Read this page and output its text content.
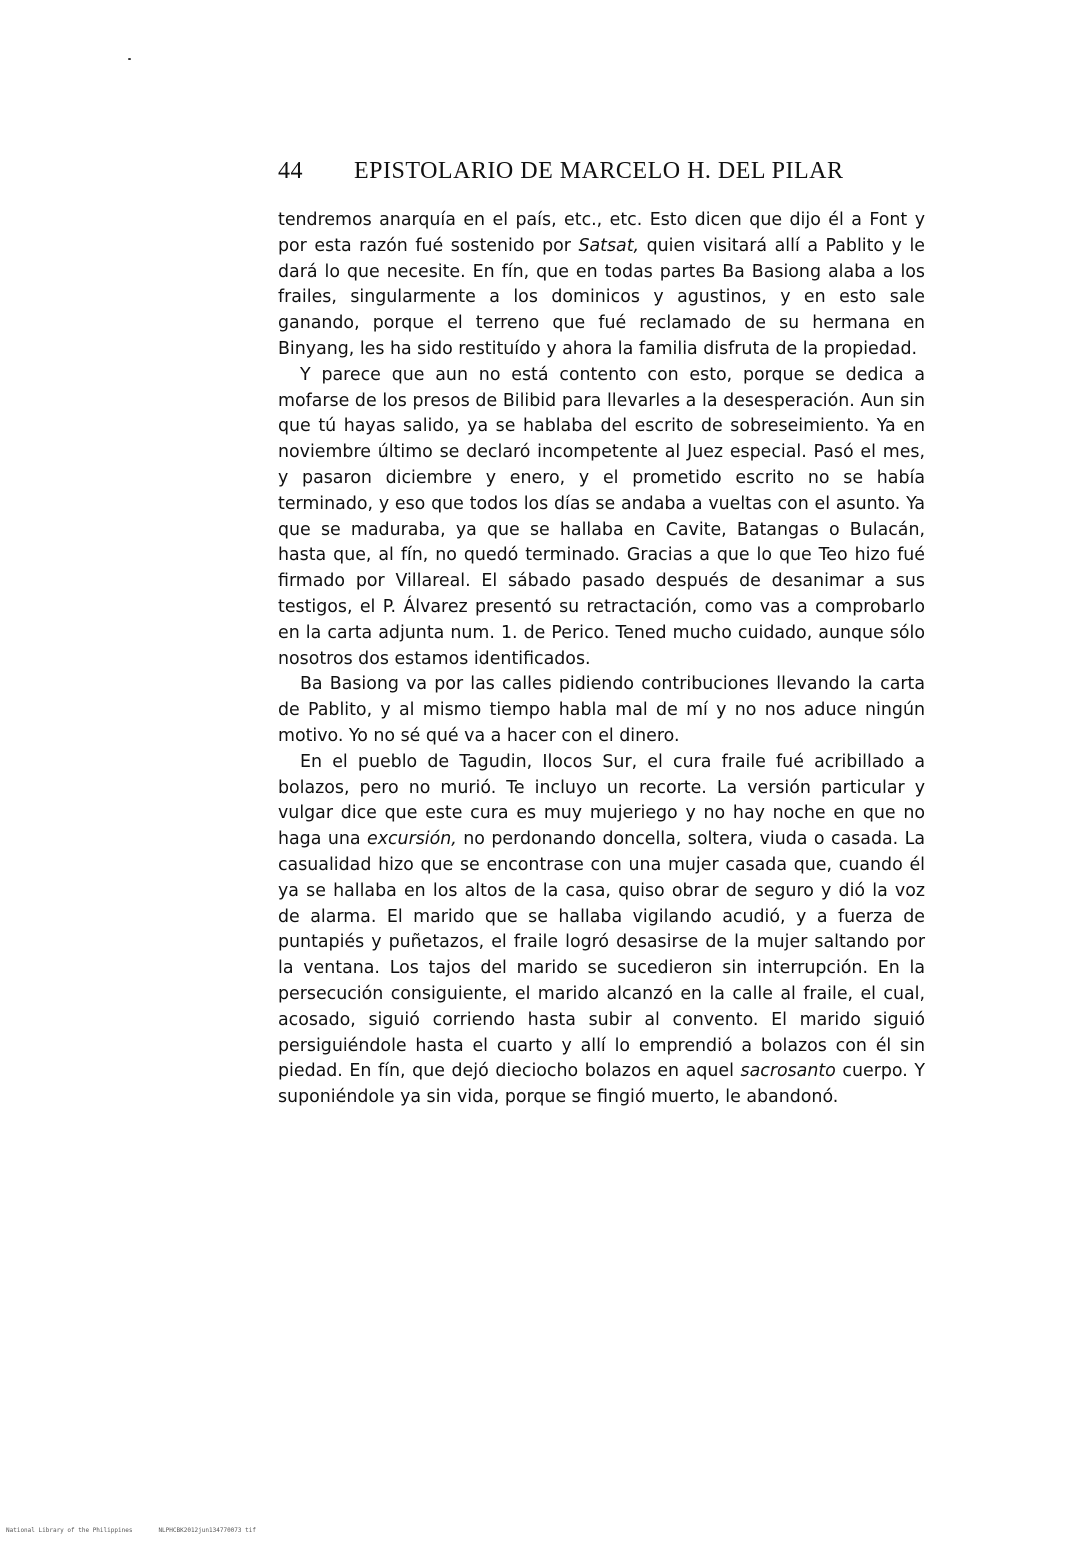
44 EPISTOLARIO DE MARCELO H. DEL PILAR

tendremos anarquía en el país, etc., etc. Esto dicen que dijo él a Font y por esta razón fué sostenido por Satsat, quien visitará allí a Pablito y le dará lo que necesite. En fín, que en todas partes Ba Basiong alaba a los frailes, singularmente a los dominicos y agustinos, y en esto sale ganando, porque el terreno que fué reclamado de su hermana en Binyang, les ha sido restituído y ahora la familia disfruta de la propiedad.

Y parece que aun no está contento con esto, porque se dedica a mofarse de los presos de Bilibid para llevarles a la desesperación. Aun sin que tú hayas salido, ya se hablaba del escrito de sobreseimiento. Ya en noviembre último se declaró incompetente al Juez especial. Pasó el mes, y pasaron diciembre y enero, y el prometido escrito no se había terminado, y eso que todos los días se andaba a vueltas con el asunto. Ya que se maduraba, ya que se hallaba en Cavite, Batangas o Bulacán, hasta que, al fín, no quedó terminado. Gracias a que lo que Teo hizo fué firmado por Villareal. El sábado pasado después de desanimar a sus testigos, el P. Álvarez presentó su retractación, como vas a comprobarlo en la carta adjunta num. 1. de Perico. Tened mucho cuidado, aunque sólo nosotros dos estamos identificados.

Ba Basiong va por las calles pidiendo contribuciones llevando la carta de Pablito, y al mismo tiempo habla mal de mí y no nos aduce ningún motivo. Yo no sé qué va a hacer con el dinero.

En el pueblo de Tagudin, Ilocos Sur, el cura fraile fué acribillado a bolazos, pero no murió. Te incluyo un recorte. La versión particular y vulgar dice que este cura es muy mujeriego y no hay noche en que no haga una excursión, no perdonando doncella, soltera, viuda o casada. La casualidad hizo que se encontrase con una mujer casada que, cuando él ya se hallaba en los altos de la casa, quiso obrar de seguro y dió la voz de alarma. El marido que se hallaba vigilando acudió, y a fuerza de puntapiés y puñetazos, el fraile logró desasirse de la mujer saltando por la ventana. Los tajos del marido se sucedieron sin interrupción. En la persecución consiguiente, el marido alcanzó en la calle al fraile, el cual, acosado, siguió corriendo hasta subir al convento. El marido siguió persiguiéndole hasta el cuarto y allí lo emprendió a bolazos con él sin piedad. En fín, que dejó dieciocho bolazos en aquel sacrosanto cuerpo. Y suponiéndole ya sin vida, porque se fingió muerto, le abandonó.

National Library of the Philippines	NLPHCBK2012jun134770073 tif
